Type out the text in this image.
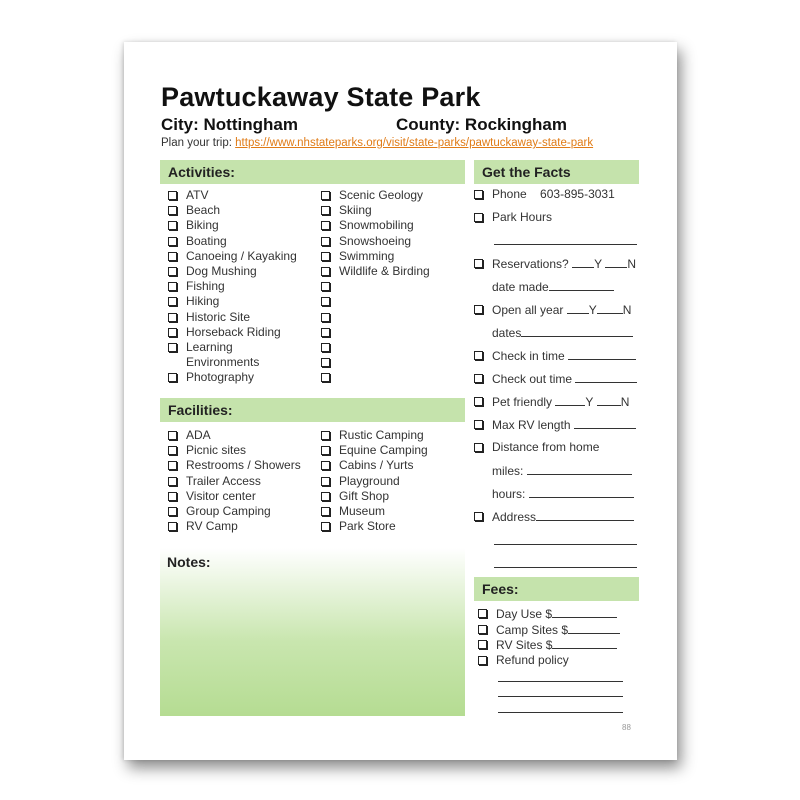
Pawtuckaway State Park
City: Nottingham	County: Rockingham
Plan your trip: https://www.nhstateparks.org/visit/state-parks/pawtuckaway-state-park
Activities:
ATV
Beach
Biking
Boating
Canoeing / Kayaking
Dog Mushing
Fishing
Hiking
Historic Site
Horseback Riding
Learning
Environments
Photography
Scenic Geology
Skiing
Snowmobiling
Snowshoeing
Swimming
Wildlife & Birding
Facilities:
ADA
Picnic sites
Restrooms / Showers
Trailer Access
Visitor center
Group Camping
RV Camp
Rustic Camping
Equine Camping
Cabins / Yurts
Playground
Gift Shop
Museum
Park Store
Notes:
Get the Facts
Phone 603-895-3031
Park Hours
Reservations? Y N
date made
Open all year Y N
dates
Check in time
Check out time
Pet friendly	Y N
Max RV length
Distance from home
miles:
hours:
Address
Fees:
Day Use $
Camp Sites $
RV Sites $
Refund policy
88
